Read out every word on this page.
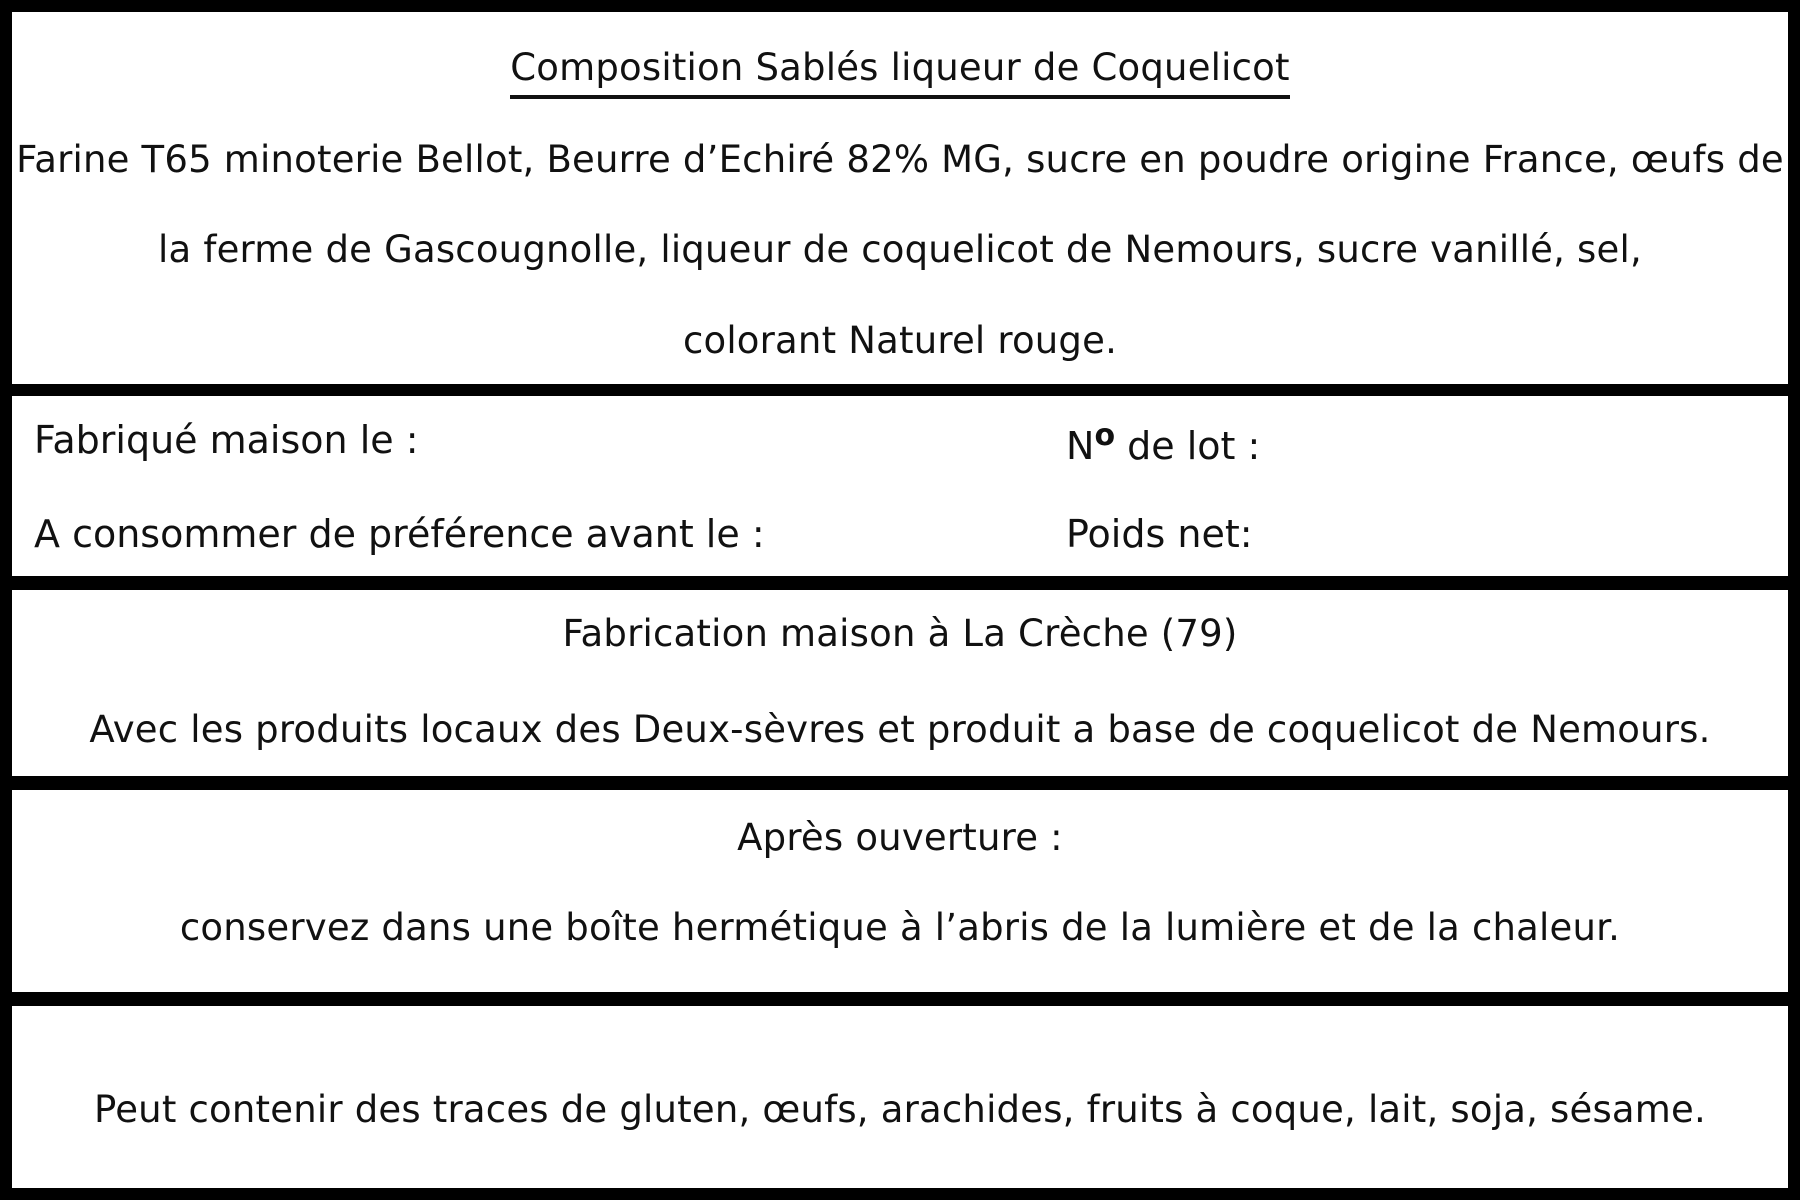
Composition Sablés liqueur de Coquelicot
Farine T65 minoterie Bellot, Beurre d’Echiré 82% MG, sucre en poudre origine France, œufs de
la ferme de Gascougnolle, liqueur de coquelicot de Nemours, sucre vanillé, sel,
colorant Naturel rouge.
Fabriqué maison le :	$N^o$ de lot :
A consommer de préférence avant le :	Poids net:
Fabrication maison à La Crèche (79)
Avec les produits locaux des Deux-sèvres et produit a base de coquelicot de Nemours.
Après ouverture :
conservez dans une boîte hermétique à l’abris de la lumière et de la chaleur.
Peut contenir des traces de gluten, œufs, arachides, fruits à coque, lait, soja, sésame.
